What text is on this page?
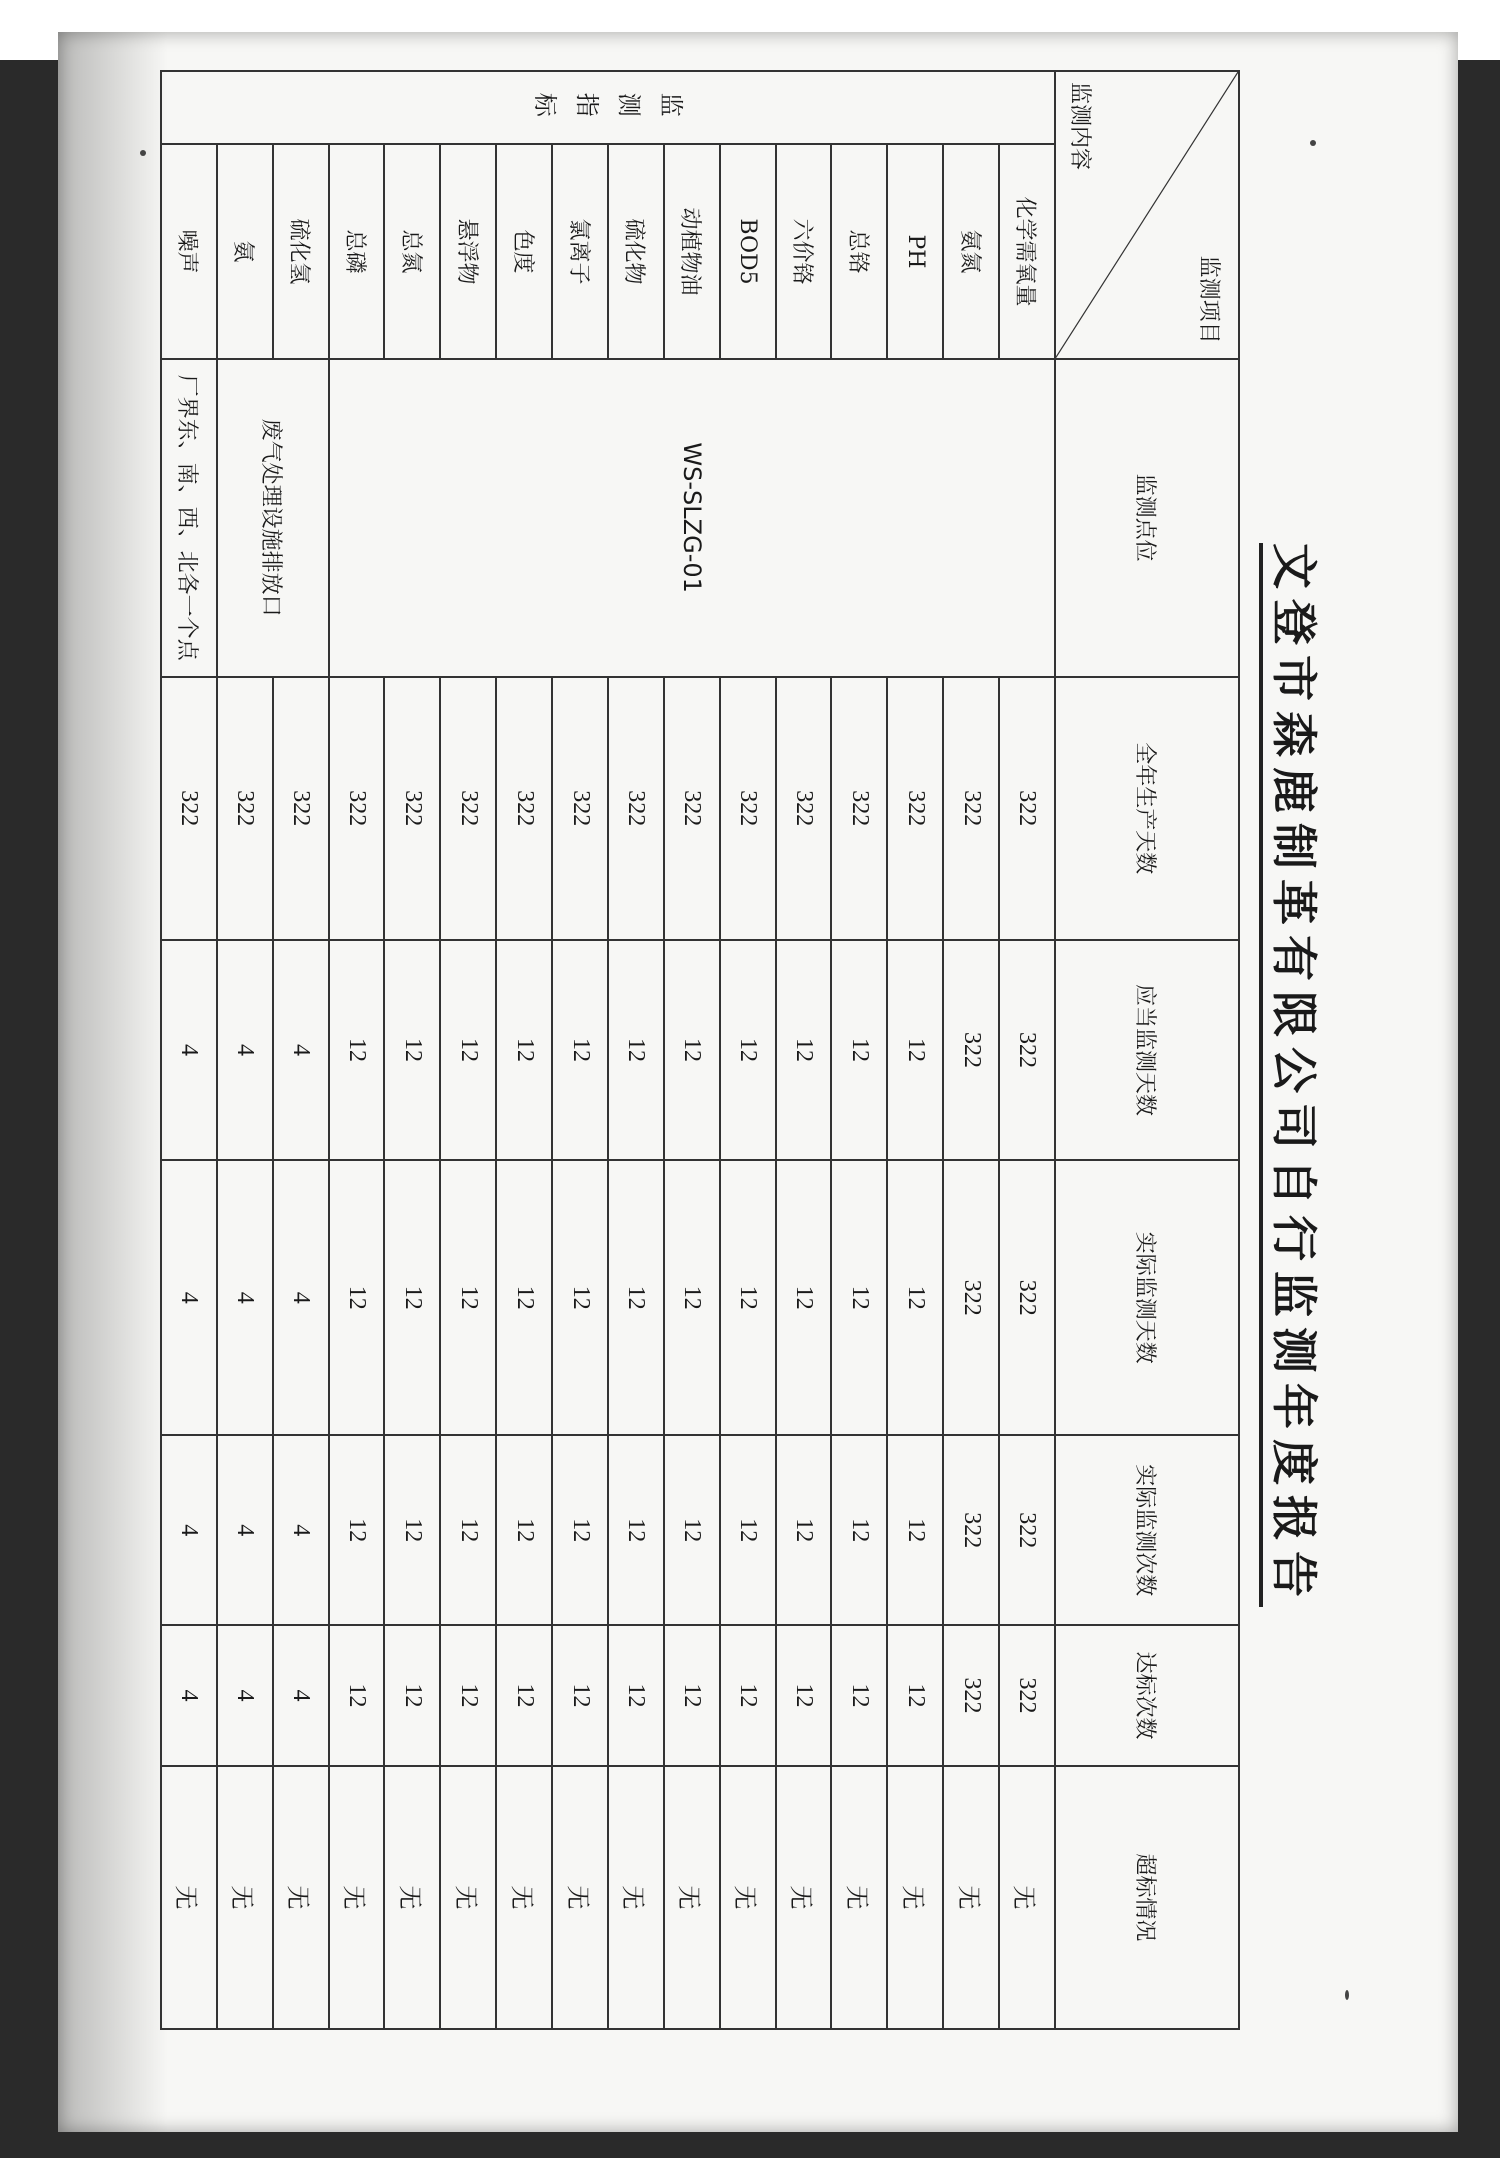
文登市森鹿制革有限公司自行监测年度报告
监测项目
监测内容		监测点位	全年生产天数	应当监测天数	实际监测天数	实际监测次数	达标次数	超标情况

监
测
指
标	化学需氧量	WS-SLZG-01	322	322	322	322	322	无
	氨氮		322	322	322	322	322	无
	PH		322	12	12	12	12	无
	总铬		322	12	12	12	12	无
	六价铬		322	12	12	12	12	无
	BOD5		322	12	12	12	12	无
	动植物油		322	12	12	12	12	无
	硫化物		322	12	12	12	12	无
	氯离子		322	12	12	12	12	无
	色度		322	12	12	12	12	无
	悬浮物		322	12	12	12	12	无
	总氮		322	12	12	12	12	无
	总磷		322	12	12	12	12	无
	硫化氢	废气处理设施排放口	322	4	4	4	4	无
	氨		322	4	4	4	4	无
	噪声	厂界东、南、西、北各一个点	322	4	4	4	4	无
